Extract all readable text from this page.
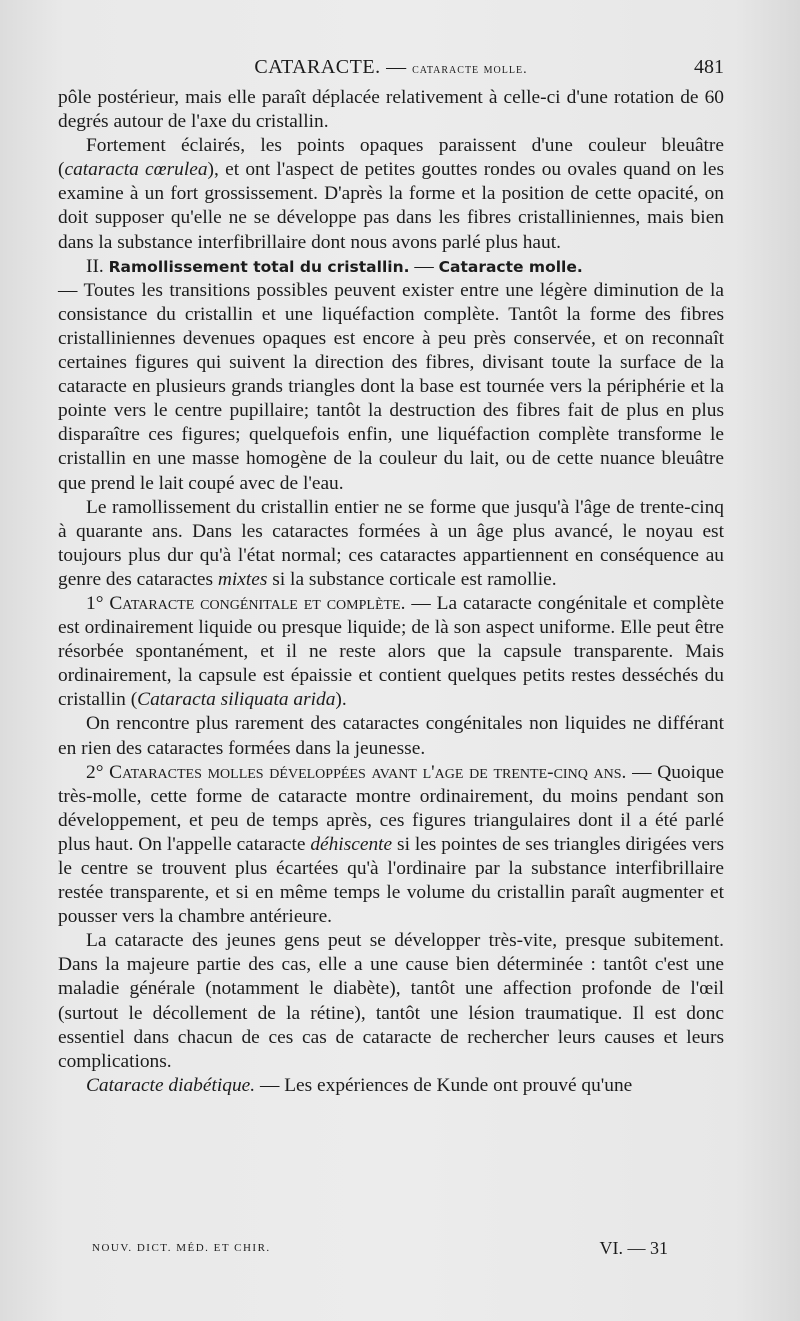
CATARACTE. — cataracte molle.	481

pôle postérieur, mais elle paraît déplacée relativement à celle-ci d'une rotation de 60 degrés autour de l'axe du cristallin.

Fortement éclairés, les points opaques paraissent d'une couleur bleuâtre (cataracta cœrulea), et ont l'aspect de petites gouttes rondes ou ovales quand on les examine à un fort grossissement. D'après la forme et la position de cette opacité, on doit supposer qu'elle ne se développe pas dans les fibres cristalliniennes, mais bien dans la substance interfibrillaire dont nous avons parlé plus haut.

II. Ramollissement total du cristallin. — Cataracte molle.
— Toutes les transitions possibles peuvent exister entre une légère diminution de la consistance du cristallin et une liquéfaction complète. Tantôt la forme des fibres cristalliniennes devenues opaques est encore à peu près conservée, et on reconnaît certaines figures qui suivent la direction des fibres, divisant toute la surface de la cataracte en plusieurs grands triangles dont la base est tournée vers la périphérie et la pointe vers le centre pupillaire; tantôt la destruction des fibres fait de plus en plus disparaître ces figures; quelquefois enfin, une liquéfaction complète transforme le cristallin en une masse homogène de la couleur du lait, ou de cette nuance bleuâtre que prend le lait coupé avec de l'eau.

Le ramollissement du cristallin entier ne se forme que jusqu'à l'âge de trente-cinq à quarante ans. Dans les cataractes formées à un âge plus avancé, le noyau est toujours plus dur qu'à l'état normal; ces cataractes appartiennent en conséquence au genre des cataractes mixtes si la substance corticale est ramollie.

1° Cataracte congénitale et complète. — La cataracte congénitale et complète est ordinairement liquide ou presque liquide; de là son aspect uniforme. Elle peut être résorbée spontanément, et il ne reste alors que la capsule transparente. Mais ordinairement, la capsule est épaissie et contient quelques petits restes desséchés du cristallin (Cataracta siliquata arida).

On rencontre plus rarement des cataractes congénitales non liquides ne différant en rien des cataractes formées dans la jeunesse.

2° Cataractes molles développées avant l'age de trente-cinq ans. — Quoique très-molle, cette forme de cataracte montre ordinairement, du moins pendant son développement, et peu de temps après, ces figures triangulaires dont il a été parlé plus haut. On l'appelle cataracte déhiscente si les pointes de ses triangles dirigées vers le centre se trouvent plus écartées qu'à l'ordinaire par la substance interfibrillaire restée transparente, et si en même temps le volume du cristallin paraît augmenter et pousser vers la chambre antérieure.

La cataracte des jeunes gens peut se développer très-vite, presque subitement. Dans la majeure partie des cas, elle a une cause bien déterminée : tantôt c'est une maladie générale (notamment le diabète), tantôt une affection profonde de l'œil (surtout le décollement de la rétine), tantôt une lésion traumatique. Il est donc essentiel dans chacun de ces cas de cataracte de rechercher leurs causes et leurs complications.

Cataracte diabétique. — Les expériences de Kunde ont prouvé qu'une

NOUV. DICT. MÉD. ET CHIR.	VI. — 31
